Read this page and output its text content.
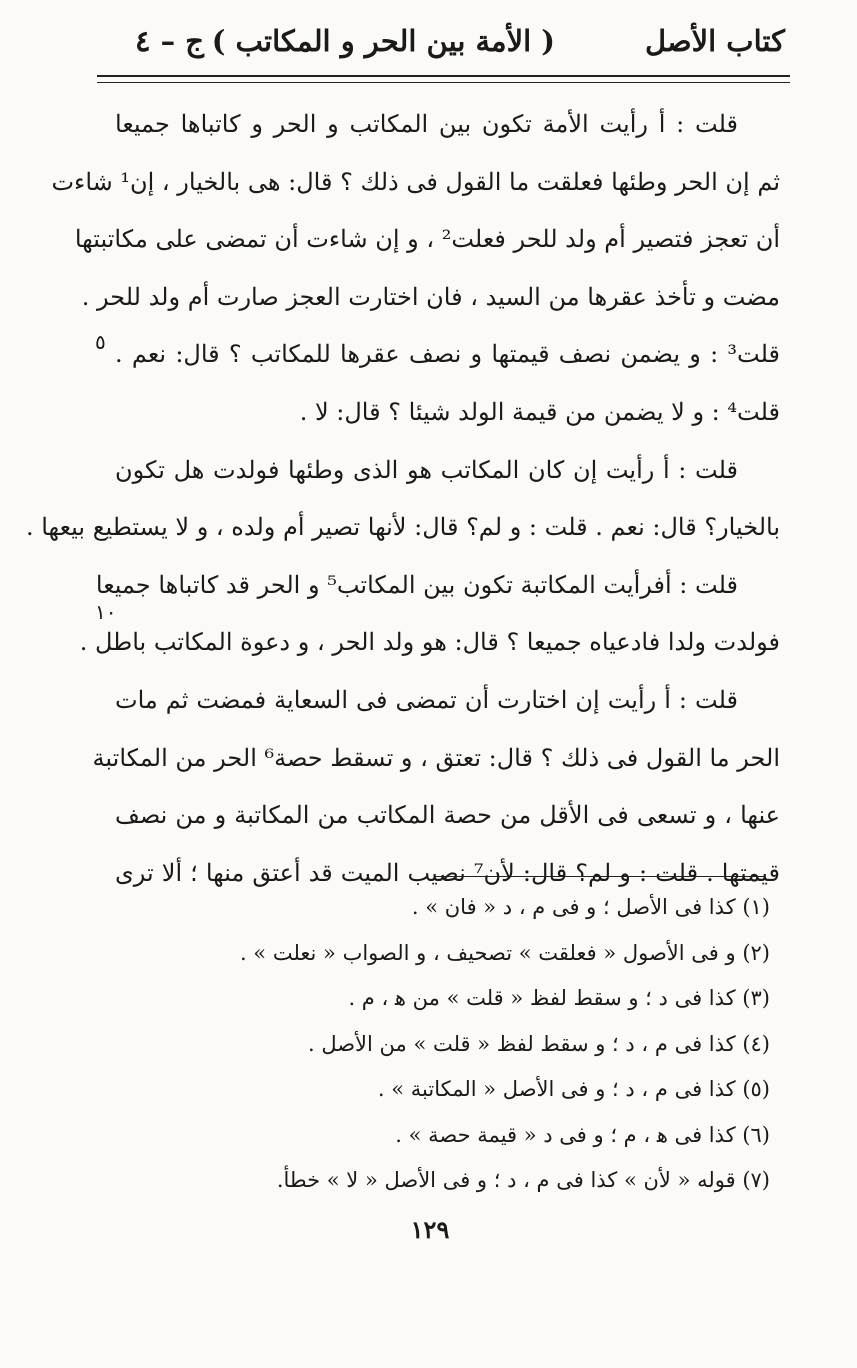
كتاب الأصل
( الأمة بين الحر و المكاتب )
ج – ٤
٥
١٠
قلت : أ رأيت الأمة تكون بين المكاتب و الحر و كاتباها جميعا
ثم إن الحر وطئها فعلقت ما القول فى ذلك ؟ قال: هى بالخيار ، إن¹ شاءت
أن تعجز فتصير أم ولد للحر فعلت² ، و إن شاءت أن تمضى على مكاتبتها
مضت و تأخذ عقرها من السيد ، فان اختارت العجز صارت أم ولد للحر .
قلت³ : و يضمن نصف قيمتها و نصف عقرها للمكاتب ؟ قال: نعم .
قلت⁴ : و لا يضمن من قيمة الولد شيئا ؟ قال: لا .
قلت : أ رأيت إن كان المكاتب هو الذى وطئها فولدت هل تكون
بالخيار؟ قال: نعم . قلت : و لم؟ قال: لأنها تصير أم ولده ، و لا يستطيع بيعها .
قلت : أفرأيت المكاتبة تكون بين المكاتب⁵ و الحر قد كاتباها جميعا
فولدت ولدا فادعياه جميعا ؟ قال: هو ولد الحر ، و دعوة المكاتب باطل .
قلت : أ رأيت إن اختارت أن تمضى فى السعاية فمضت ثم مات
الحر ما القول فى ذلك ؟ قال: تعتق ، و تسقط حصة⁶ الحر من المكاتبة
عنها ، و تسعى فى الأقل من حصة المكاتب من المكاتبة و من نصف
قيمتها . قلت : و لم؟ قال: لأن⁷ نصيب الميت قد أعتق منها ؛ ألا ترى
(١) كذا فى الأصل ؛ و فى م ، د « فان » .
(٢) و فى الأصول « فعلقت » تصحيف ، و الصواب « نعلت » .
(٣) كذا فى د ؛ و سقط لفظ « قلت » من ﻫ ، م .
(٤) كذا فى م ، د ؛ و سقط لفظ « قلت » من الأصل .
(٥) كذا فى م ، د ؛ و فى الأصل « المكاتبة » .
(٦) كذا فى ﻫ ، م ؛ و فى د « قيمة حصة » .
(٧) قوله « لأن » كذا فى م ، د ؛ و فى الأصل « لا » خطأ.
١٢٩
